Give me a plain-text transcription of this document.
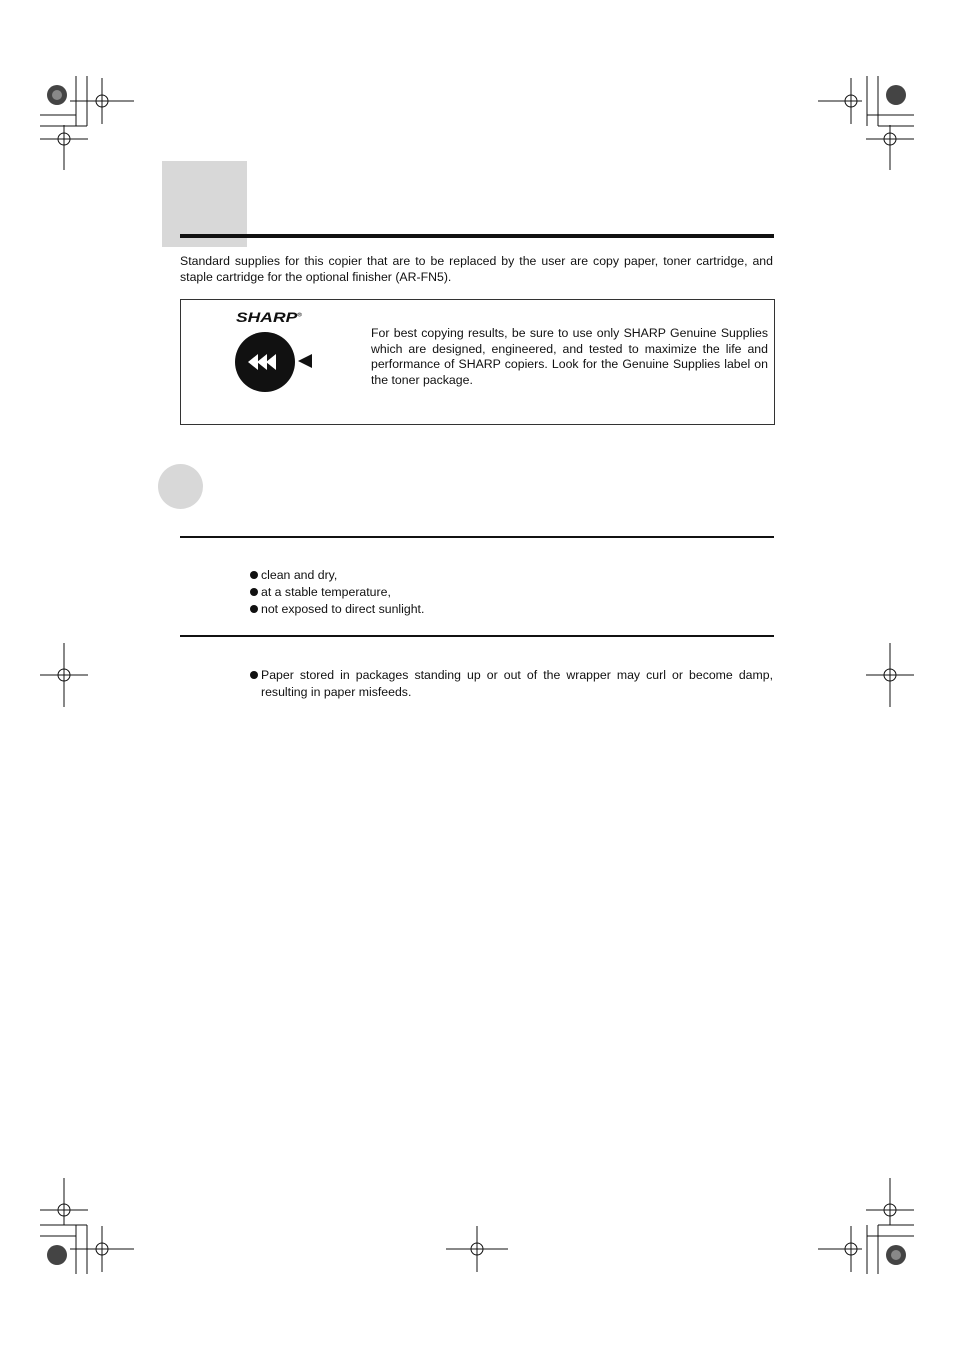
Standard supplies for this copier that are to be replaced by the user are copy paper, toner cartridge, and staple cartridge for the optional finisher (AR-FN5).
SHARP®
For best copying results, be sure to use only SHARP Genuine Supplies which are designed, engineered, and tested to maximize the life and performance of SHARP copiers. Look for the Genuine Supplies label on the toner package.
clean and dry,
at a stable temperature,
not exposed to direct sunlight.
Paper stored in packages standing up or out of the wrapper may curl or become damp, resulting in paper misfeeds.
